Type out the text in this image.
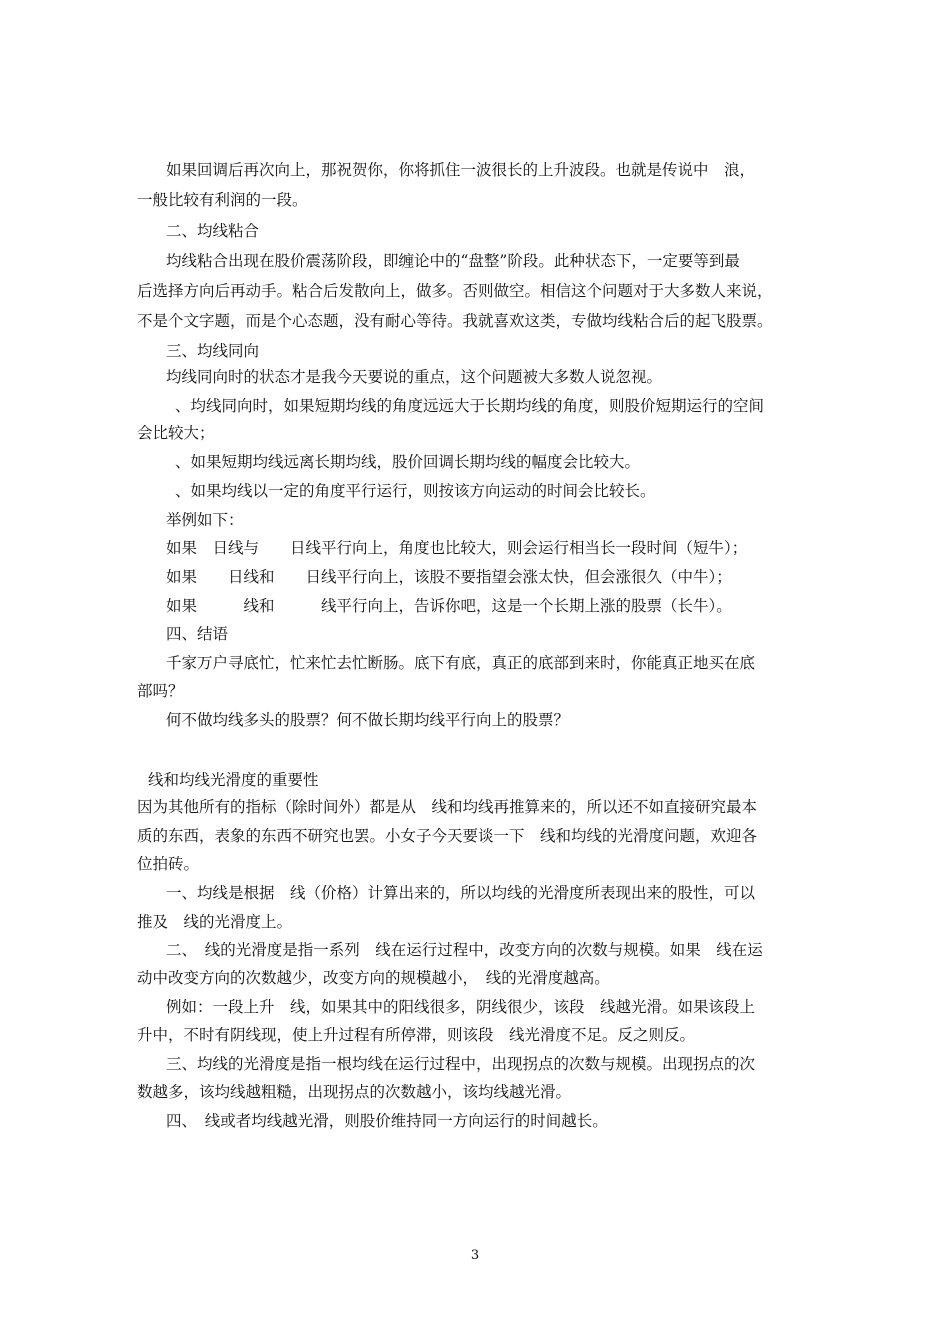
如果回调后再次向上，那祝贺你，你将抓住一波很长的上升波段。也就是传说中　浪，
一般比较有利润的一段。
二、均线粘合
均线粘合出现在股价震荡阶段，即缠论中的“盘整”阶段。此种状态下，一定要等到最
后选择方向后再动手。粘合后发散向上，做多。否则做空。相信这个问题对于大多数人来说，
不是个文字题，而是个心态题，没有耐心等待。我就喜欢这类，专做均线粘合后的起飞股票。
三、均线同向
均线同向时的状态才是我今天要说的重点，这个问题被大多数人说忽视。
、均线同向时，如果短期均线的角度远远大于长期均线的角度，则股价短期运行的空间
会比较大；
、如果短期均线远离长期均线，股价回调长期均线的幅度会比较大。
、如果均线以一定的角度平行运行，则按该方向运动的时间会比较长。
举例如下：
如果　日线与　　日线平行向上，角度也比较大，则会运行相当长一段时间（短牛）；
如果　　日线和　　日线平行向上，该股不要指望会涨太快，但会涨很久（中牛）；
如果　　　线和　　　线平行向上，告诉你吧，这是一个长期上涨的股票（长牛）。
四、结语
千家万户寻底忙，忙来忙去忙断肠。底下有底，真正的底部到来时，你能真正地买在底
部吗？
何不做均线多头的股票？何不做长期均线平行向上的股票？
线和均线光滑度的重要性
因为其他所有的指标（除时间外）都是从　线和均线再推算来的，所以还不如直接研究最本
质的东西，表象的东西不研究也罢。小女子今天要谈一下　线和均线的光滑度问题，欢迎各
位拍砖。
一、均线是根据　线（价格）计算出来的，所以均线的光滑度所表现出来的股性，可以
推及　线的光滑度上。
二、　线的光滑度是指一系列　线在运行过程中，改变方向的次数与规模。如果　线在运
动中改变方向的次数越少，改变方向的规模越小，　线的光滑度越高。
例如：一段上升　线，如果其中的阳线很多，阴线很少，该段　线越光滑。如果该段上
升中，不时有阴线现，使上升过程有所停滞，则该段　线光滑度不足。反之则反。
三、均线的光滑度是指一根均线在运行过程中，出现拐点的次数与规模。出现拐点的次
数越多，该均线越粗糙，出现拐点的次数越小，该均线越光滑。
四、　线或者均线越光滑，则股价维持同一方向运行的时间越长。
3
